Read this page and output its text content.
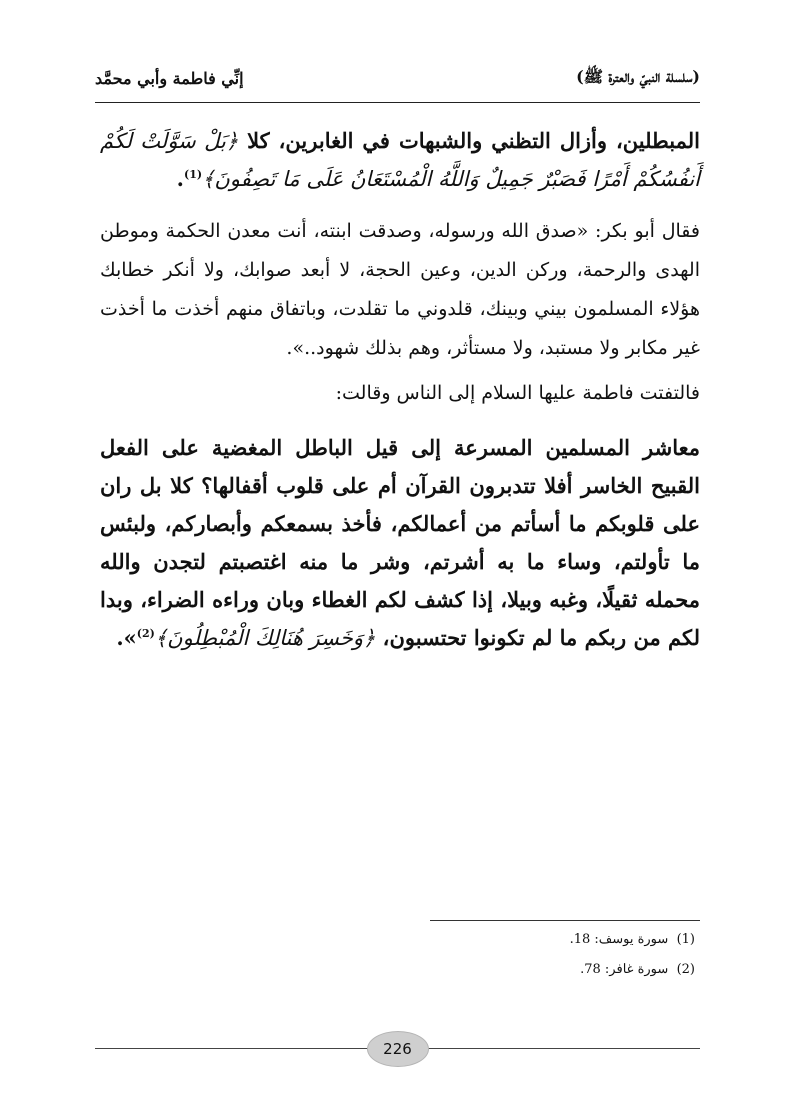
(سلسلة النبيّ والعترة ﷺ)
إنِّي فاطمة وأبي محمَّد

المبطلين، وأزال التظني والشبهات في الغابرين، كلا ﴿بَلْ سَوَّلَتْ لَكُمْ أَنفُسُكُمْ أَمْرًا فَصَبْرٌ جَمِيلٌ وَاللَّهُ الْمُسْتَعَانُ عَلَى مَا تَصِفُونَ﴾$^{(1)}$.

فقال أبو بكر: «صدق الله ورسوله، وصدقت ابنته، أنت معدن الحكمة وموطن الهدى والرحمة، وركن الدين، وعين الحجة، لا أبعد صوابك، ولا أنكر خطابك هؤلاء المسلمون بيني وبينك، قلدوني ما تقلدت، وباتفاق منهم أخذت ما أخذت غير مكابر ولا مستبد، ولا مستأثر، وهم بذلك شهود..».

فالتفتت فاطمة عليها السلام إلى الناس وقالت:

معاشر المسلمين المسرعة إلى قيل الباطل المغضية على الفعل القبيح الخاسر أفلا تتدبرون القرآن أم على قلوب أقفالها؟ كلا بل ران على قلوبكم ما أسأتم من أعمالكم، فأخذ بسمعكم وأبصاركم، ولبئس ما تأولتم، وساء ما به أشرتم، وشر ما منه اغتصبتم لتجدن والله محمله ثقيلًا، وغبه وبيلا، إذا كشف لكم الغطاء وبان وراءه الضراء، وبدا لكم من ربكم ما لم تكونوا تحتسبون، ﴿وَخَسِرَ هُنَالِكَ الْمُبْطِلُونَ﴾$^{(2)}$».

(1)  سورة يوسف: 18.
(2)  سورة غافر: 78.
226
